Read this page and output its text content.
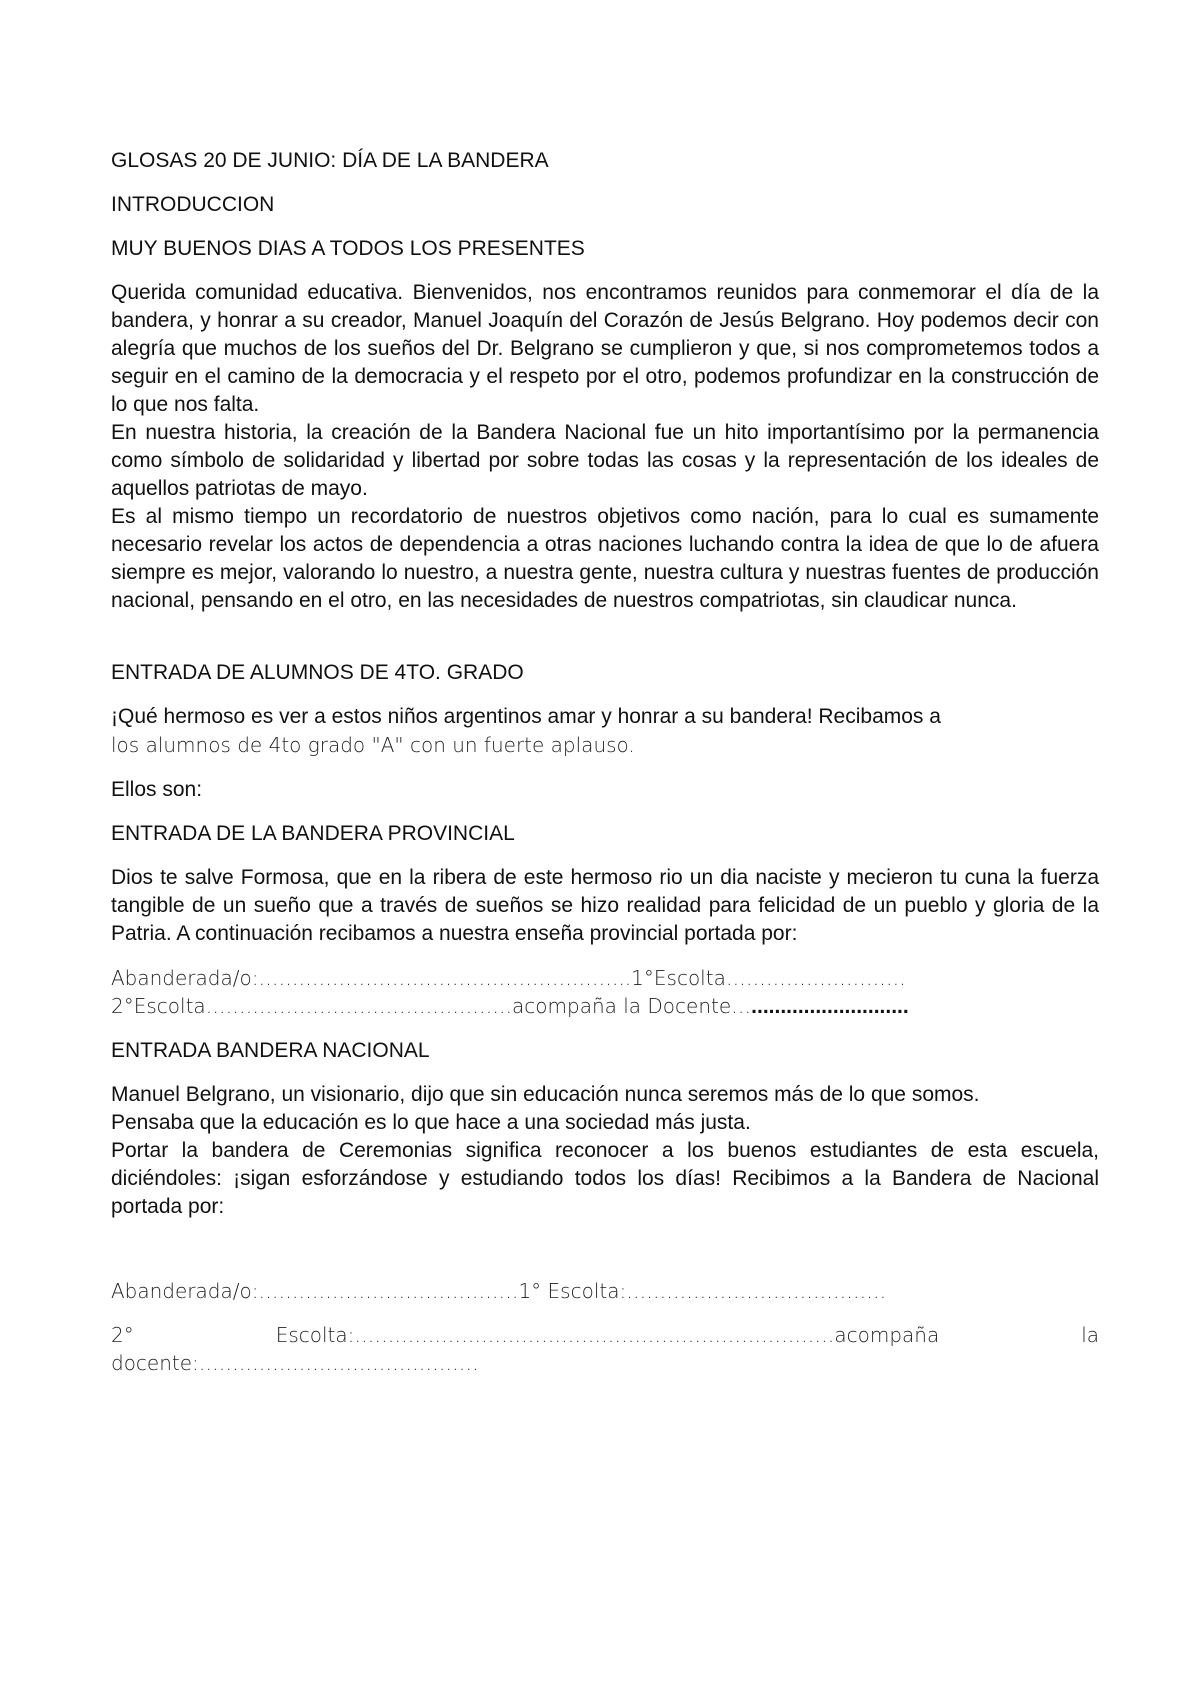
GLOSAS 20 DE JUNIO: DÍA DE LA BANDERA
INTRODUCCION
MUY BUENOS DIAS A TODOS LOS PRESENTES

Querida comunidad educativa. Bienvenidos, nos encontramos reunidos para conmemorar el día de la bandera, y honrar a su creador, Manuel Joaquín del Corazón de Jesús Belgrano. Hoy podemos decir con alegría que muchos de los sueños del Dr. Belgrano se cumplieron y que, si nos comprometemos todos a seguir en el camino de la democracia y el respeto por el otro, podemos profundizar en la construcción de lo que nos falta.

En nuestra historia, la creación de la Bandera Nacional fue un hito importantísimo por la permanencia como símbolo de solidaridad y libertad por sobre todas las cosas y la representación de los ideales de aquellos patriotas de mayo.

Es al mismo tiempo un recordatorio de nuestros objetivos como nación, para lo cual es sumamente necesario revelar los actos de dependencia a otras naciones luchando contra la idea de que lo de afuera siempre es mejor, valorando lo nuestro, a nuestra gente, nuestra cultura y nuestras fuentes de producción nacional, pensando en el otro, en las necesidades de nuestros compatriotas, sin claudicar nunca.

ENTRADA DE ALUMNOS DE 4TO. GRADO

¡Qué hermoso es ver a estos niños argentinos amar y honrar a su bandera! Recibamos a
los alumnos de 4to grado "A" con un fuerte aplauso.

Ellos son:
ENTRADA DE LA BANDERA PROVINCIAL

Dios te salve Formosa, que en la ribera de este hermoso rio un dia naciste y mecieron tu cuna la fuerza tangible de un sueño que a través de sueños se hizo realidad para felicidad de un pueblo y gloria de la Patria. A continuación recibamos a nuestra enseña provincial portada por:

Abanderada/o:………………………………………………..1°Escolta………………………
2°Escolta……………………………………….acompaña la Docente…...........................
ENTRADA BANDERA NACIONAL

Manuel Belgrano, un visionario, dijo que sin educación nunca seremos más de lo que somos.

Pensaba que la educación es lo que hace a una sociedad más justa.

Portar la bandera de Ceremonias significa reconocer a los buenos estudiantes de esta escuela, diciéndoles: ¡sigan esforzándose y estudiando todos los días! Recibimos a la Bandera de Nacional portada por:

Abanderada/o:…………………………………1° Escolta:…………………………………
2°	Escolta:………………………………………………………………acompaña	la
docente:……………………………………
